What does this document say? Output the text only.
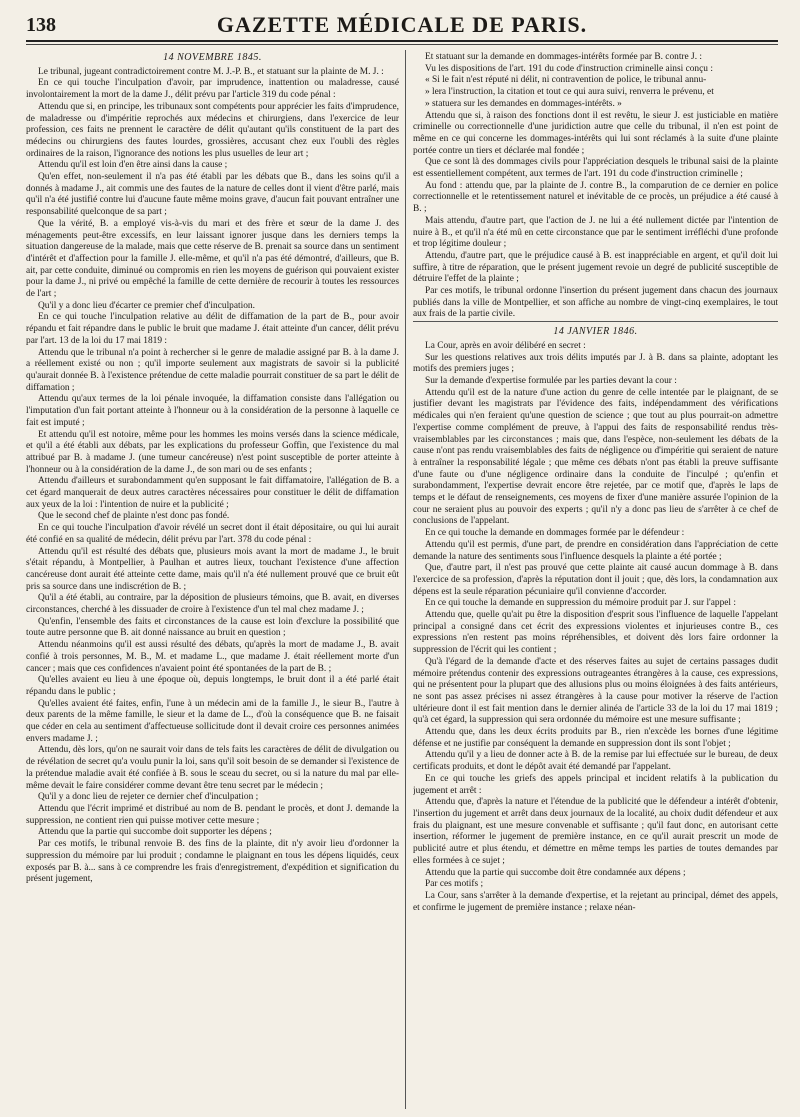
138	GAZETTE MÉDICALE DE PARIS.
14 NOVEMBRE 1845.

Le tribunal, jugeant contradictoirement contre M. J.-P. B., et statuant sur la plainte de M. J. :

En ce qui touche l'inculpation d'avoir, par imprudence, inattention ou maladresse, causé involontairement la mort de la dame J., délit prévu par l'article 319 du code pénal :

Attendu que si, en principe, les tribunaux sont compétents pour apprécier les faits d'imprudence, de maladresse ou d'impéritie reprochés aux médecins et chirurgiens, dans l'exercice de leur profession, ces faits ne prennent le caractère de délit qu'autant qu'ils constituent de la part des médecins ou chirurgiens des fautes lourdes, grossières, accusant chez eux l'oubli des règles ordinaires de la raison, l'ignorance des notions les plus usuelles de leur art ;

Attendu qu'il est loin d'en être ainsi dans la cause ;

Qu'en effet, non-seulement il n'a pas été établi par les débats que B., dans les soins qu'il a donnés à madame J., ait commis une des fautes de la nature de celles dont il vient d'être parlé, mais qu'il n'a été justifié contre lui d'aucune faute même moins grave, d'aucun fait pouvant entraîner une responsabilité quelconque de sa part ;

Que la vérité, B. a employé vis-à-vis du mari et des frère et sœur de la dame J. des ménagements peut-être excessifs, en leur laissant ignorer jusque dans les derniers temps la situation dangereuse de la malade, mais que cette réserve de B. prenait sa source dans un sentiment d'intérêt et d'affection pour la famille J. elle-même, et qu'il n'a pas été démontré, d'ailleurs, que B. ait, par cette conduite, diminué ou compromis en rien les moyens de guérison qui pouvaient exister pour la dame J., ni privé ou empêché la famille de cette dernière de recourir à toutes les ressources de l'art ;

Qu'il y a donc lieu d'écarter ce premier chef d'inculpation.

En ce qui touche l'inculpation relative au délit de diffamation de la part de B., pour avoir répandu et fait répandre dans le public le bruit que madame J. était atteinte d'un cancer, délit prévu par l'art. 13 de la loi du 17 mai 1819 :

Attendu que le tribunal n'a point à rechercher si le genre de maladie assigné par B. à la dame J. a réellement existé ou non ; qu'il importe seulement aux magistrats de savoir si la publicité qu'aurait donnée B. à l'existence prétendue de cette maladie pourrait constituer de sa part le délit de diffamation ;

Attendu qu'aux termes de la loi pénale invoquée, la diffamation consiste dans l'allégation ou l'imputation d'un fait portant atteinte à l'honneur ou à la considération de la personne à laquelle ce fait est imputé ;

Et attendu qu'il est notoire, même pour les hommes les moins versés dans la science médicale, et qu'il a été établi aux débats, par les explications du professeur Goffin, que l'existence du mal attribué par B. à madame J. (une tumeur cancéreuse) n'est point susceptible de porter atteinte à l'honneur ou à la considération de la dame J., de son mari ou de ses enfants ;

Attendu d'ailleurs et surabondamment qu'en supposant le fait diffamatoire, l'allégation de B. a cet égard manquerait de deux autres caractères nécessaires pour constituer le délit de diffamation aux yeux de la loi : l'intention de nuire et la publicité ;

Que le second chef de plainte n'est donc pas fondé.

En ce qui touche l'inculpation d'avoir révélé un secret dont il était dépositaire, ou qui lui aurait été confié en sa qualité de médecin, délit prévu par l'art. 378 du code pénal :

Attendu qu'il est résulté des débats que, plusieurs mois avant la mort de madame J., le bruit s'était répandu, à Montpellier, à Paulhan et autres lieux, touchant l'existence d'une affection cancéreuse dont aurait été atteinte cette dame, mais qu'il n'a été nullement prouvé que ce bruit eût pris sa source dans une indiscrétion de B. ;

Qu'il a été établi, au contraire, par la déposition de plusieurs témoins, que B. avait, en diverses circonstances, cherché à les dissuader de croire à l'existence d'un tel mal chez madame J. ;

Qu'enfin, l'ensemble des faits et circonstances de la cause est loin d'exclure la possibilité que toute autre personne que B. ait donné naissance au bruit en question ;

Attendu néanmoins qu'il est aussi résulté des débats, qu'après la mort de madame J., B. avait confié à trois personnes, M. B., M. et madame L., que madame J. était réellement morte d'un cancer ; mais que ces confidences n'avaient point été spontanées de la part de B. ;

Qu'elles avaient eu lieu à une époque où, depuis longtemps, le bruit dont il a été parlé était répandu dans le public ;

Qu'elles avaient été faites, enfin, l'une à un médecin ami de la famille J., le sieur B., l'autre à deux parents de la même famille, le sieur et la dame de L., d'où la conséquence que B. ne faisait que céder en cela au sentiment d'affectueuse sollicitude dont il devait croire ces personnes animées envers madame J. ;

Attendu, dès lors, qu'on ne saurait voir dans de tels faits les caractères de délit de divulgation ou de révélation de secret qu'a voulu punir la loi, sans qu'il soit besoin de se demander si l'existence de la prétendue maladie avait été confiée à B. sous le sceau du secret, ou si la nature du mal par elle-même devait le faire considérer comme devant être tenu secret par le médecin ;

Qu'il y a donc lieu de rejeter ce dernier chef d'inculpation ;

Attendu que l'écrit imprimé et distribué au nom de B. pendant le procès, et dont J. demande la suppression, ne contient rien qui puisse motiver cette mesure ;

Attendu que la partie qui succombe doit supporter les dépens ;

Par ces motifs, le tribunal renvoie B. des fins de la plainte, dit n'y avoir lieu d'ordonner la suppression du mémoire par lui produit ; condamne le plaignant en tous les dépens liquidés, ceux exposés par B. à... sans à ce comprendre les frais d'enregistrement, d'expédition et signification du présent jugement,

Et statuant sur la demande en dommages-intérêts formée par B. contre J. :

Vu les dispositions de l'art. 191 du code d'instruction criminelle ainsi conçu :

« Si le fait n'est réputé ni délit, ni contravention de police, le tribunal annu-

» lera l'instruction, la citation et tout ce qui aura suivi, renverra le prévenu, et

» statuera sur les demandes en dommages-intérêts. »

Attendu que si, à raison des fonctions dont il est revêtu, le sieur J. est justiciable en matière criminelle ou correctionnelle d'une juridiction autre que celle du tribunal, il n'en est point de même en ce qui concerne les dommages-intérêts qui lui sont réclamés à la suite d'une plainte portée contre un tiers et déclarée mal fondée ;

Que ce sont là des dommages civils pour l'appréciation desquels le tribunal saisi de la plainte est essentiellement compétent, aux termes de l'art. 191 du code d'instruction criminelle ;

Au fond : attendu que, par la plainte de J. contre B., la comparution de ce dernier en police correctionnelle et le retentissement naturel et inévitable de ce procès, un préjudice a été causé à B. ;

Mais attendu, d'autre part, que l'action de J. ne lui a été nullement dictée par l'intention de nuire à B., et qu'il n'a été mû en cette circonstance que par le sentiment irréfléchi d'une profonde et trop légitime douleur ;

Attendu, d'autre part, que le préjudice causé à B. est inappréciable en argent, et qu'il doit lui suffire, à titre de réparation, que le présent jugement revoie un degré de publicité susceptible de détruire l'effet de la plainte ;

Par ces motifs, le tribunal ordonne l'insertion du présent jugement dans chacun des journaux publiés dans la ville de Montpellier, et son affiche au nombre de vingt-cinq exemplaires, le tout aux frais de la partie civile.

14 JANVIER 1846.

La Cour, après en avoir délibéré en secret :

Sur les questions relatives aux trois délits imputés par J. à B. dans sa plainte, adoptant les motifs des premiers juges ;

Sur la demande d'expertise formulée par les parties devant la cour :

Attendu qu'il est de la nature d'une action du genre de celle intentée par le plaignant, de se justifier devant les magistrats par l'évidence des faits, indépendamment des vérifications médicales qui n'en feraient qu'une question de science ; que tout au plus pourrait-on admettre l'expertise comme complément de preuve, à l'appui des faits de responsabilité rendus très-vraisemblables par les circonstances ; mais que, dans l'espèce, non-seulement les débats de la cause n'ont pas rendu vraisemblables des faits de négligence ou d'impéritie qui seraient de nature à entraîner la responsabilité légale ; que même ces débats n'ont pas établi la preuve suffisante d'une faute ou d'une négligence ordinaire dans la conduite de l'inculpé ; qu'enfin et surabondamment, l'expertise devrait encore être rejetée, par ce motif que, d'après le laps de temps et le défaut de renseignements, ces moyens de fixer d'une manière assurée l'opinion de la cour ne seraient plus au pouvoir des experts ; qu'il n'y a donc pas lieu de s'arrêter à ce chef de conclusions de l'appelant.

En ce qui touche la demande en dommages formée par le défendeur :

Attendu qu'il est permis, d'une part, de prendre en considération dans l'appréciation de cette demande la nature des sentiments sous l'influence desquels la plainte a été portée ;

Que, d'autre part, il n'est pas prouvé que cette plainte ait causé aucun dommage à B. dans l'exercice de sa profession, d'après la réputation dont il jouit ; que, dès lors, la condamnation aux dépens est la seule réparation pécuniaire qu'il convienne d'accorder.

En ce qui touche la demande en suppression du mémoire produit par J. sur l'appel :

Attendu que, quelle qu'ait pu être la disposition d'esprit sous l'influence de laquelle l'appelant principal a consigné dans cet écrit des expressions violentes et injurieuses contre B., ces expressions n'en restent pas moins répréhensibles, et doivent dès lors faire ordonner la suppression de l'écrit qui les contient ;

Qu'à l'égard de la demande d'acte et des réserves faites au sujet de certains passages dudit mémoire prétendus contenir des expressions outrageantes étrangères à la cause, ces expressions, qui ne présentent pour la plupart que des allusions plus ou moins éloignées à des faits antérieurs, ne sont pas assez précises ni assez étrangères à la cause pour motiver la réserve de l'action ultérieure dont il est fait mention dans le dernier alinéa de l'article 33 de la loi du 17 mai 1819 ; qu'à cet égard, la suppression qui sera ordonnée du mémoire est une mesure suffisante ;

Attendu que, dans les deux écrits produits par B., rien n'excède les bornes d'une légitime défense et ne justifie par conséquent la demande en suppression dont ils sont l'objet ;

Attendu qu'il y a lieu de donner acte à B. de la remise par lui effectuée sur le bureau, de deux certificats produits, et dont le dépôt avait été demandé par l'appelant.

En ce qui touche les griefs des appels principal et incident relatifs à la publication du jugement et arrêt :

Attendu que, d'après la nature et l'étendue de la publicité que le défendeur a intérêt d'obtenir, l'insertion du jugement et arrêt dans deux journaux de la localité, au choix dudit défendeur et aux frais du plaignant, est une mesure convenable et suffisante ; qu'il faut donc, en autorisant cette insertion, réformer le jugement de première instance, en ce qu'il aurait prescrit un mode de publicité autre et plus étendu, et démettre en même temps les parties de toutes demandes par elles formées à ce sujet ;

Attendu que la partie qui succombe doit être condamnée aux dépens ;

Par ces motifs ;

La Cour, sans s'arrêter à la demande d'expertise, et la rejetant au principal, démet des appels, et confirme le jugement de première instance ; relaxe néan-
